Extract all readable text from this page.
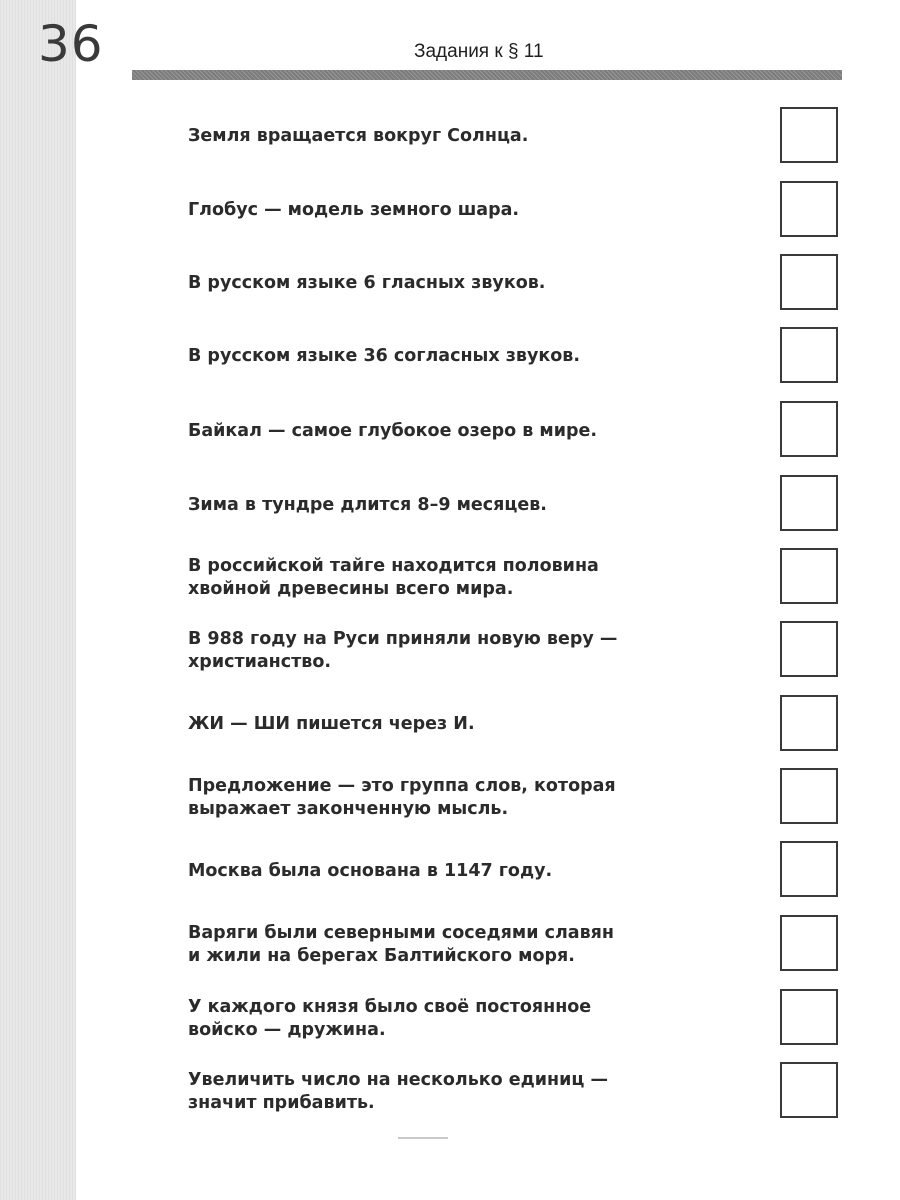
36	Задания к § 11
Земля вращается вокруг Солнца.
Глобус — модель земного шара.
В русском языке 6 гласных звуков.
В русском языке 36 согласных звуков.
Байкал — самое глубокое озеро в мире.
Зима в тундре длится 8–9 месяцев.
В российской тайге находится половина
хвойной древесины всего мира.
В 988 году на Руси приняли новую веру —
христианство.
ЖИ — ШИ пишется через И.
Предложение — это группа слов, которая
выражает законченную мысль.
Москва была основана в 1147 году.
Варяги были северными соседями славян
и жили на берегах Балтийского моря.
У каждого князя было своё постоянное
войско — дружина.
Увеличить число на несколько единиц —
значит прибавить.
